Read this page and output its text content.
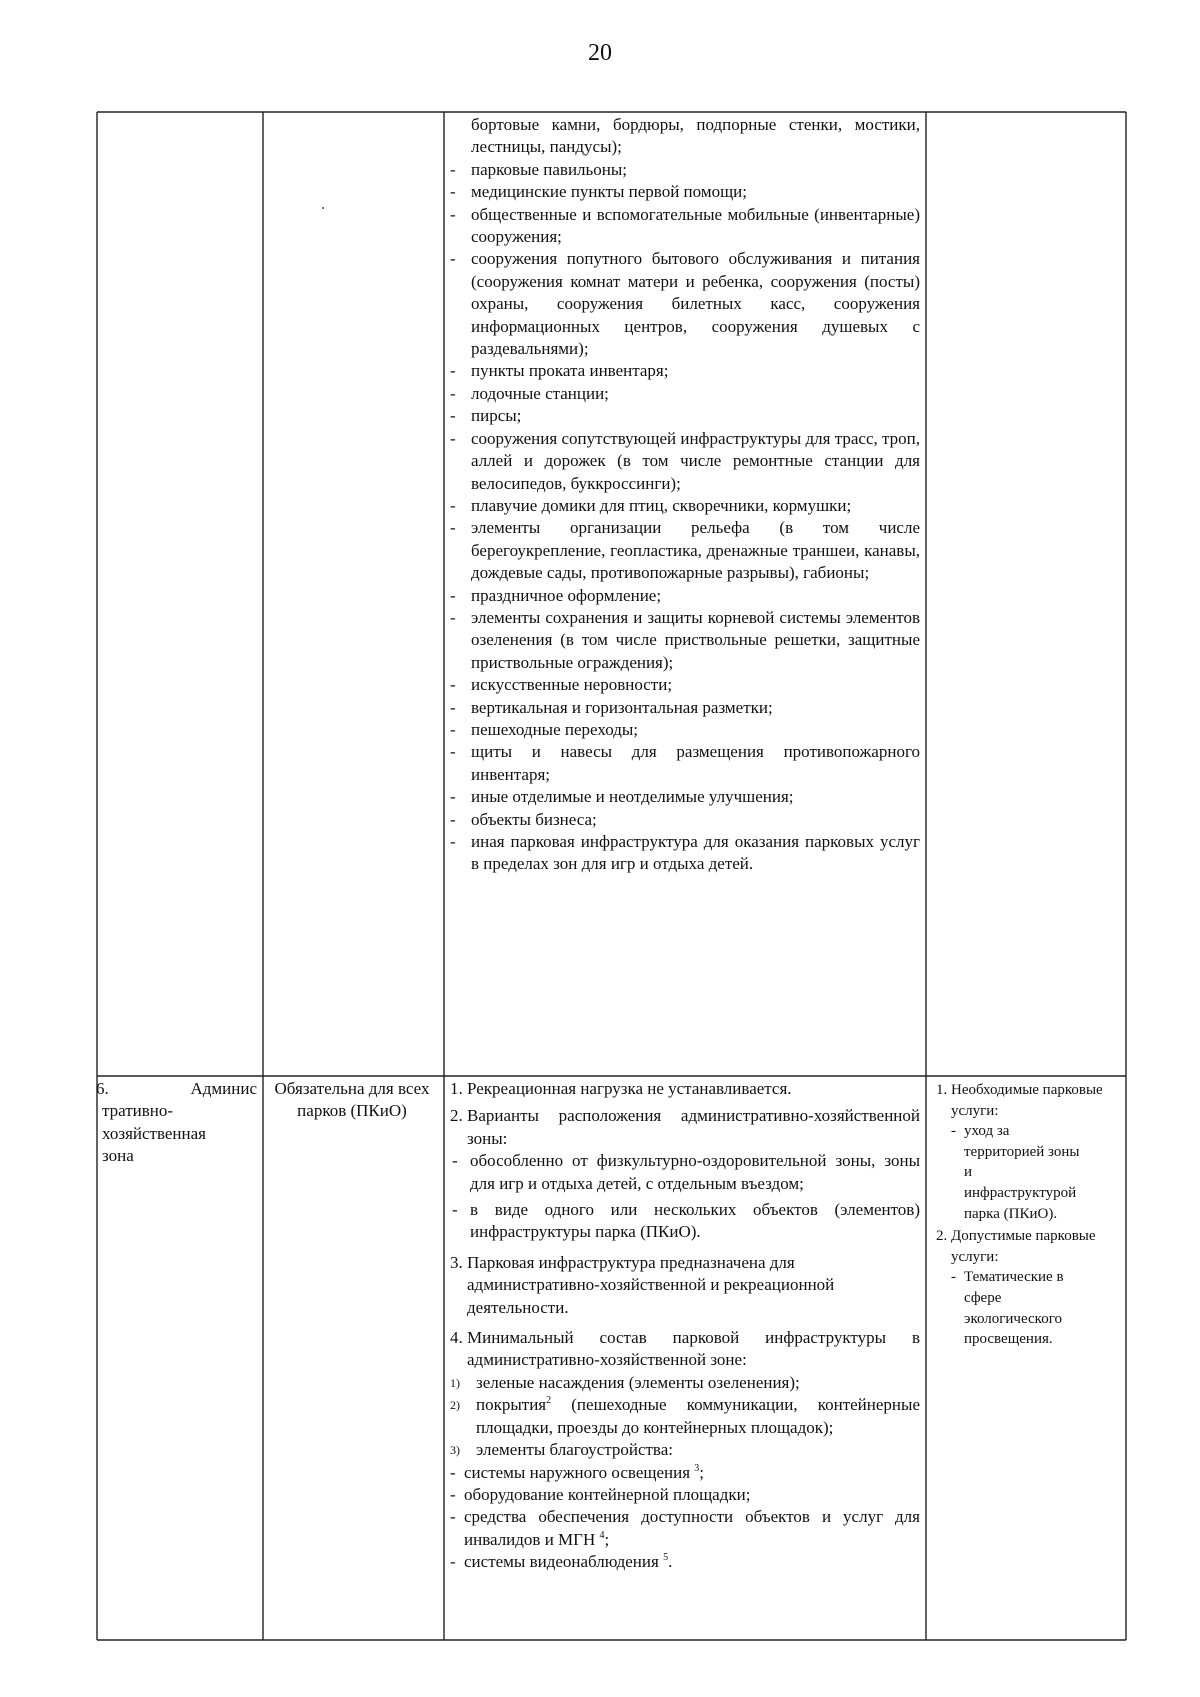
20
бортовые камни, бордюры, подпорные стенки, мостики, лестницы, пандусы);
- парковые павильоны;
- медицинские пункты первой помощи;
- общественные и вспомогательные мобильные (инвентарные) сооружения;
- сооружения попутного бытового обслуживания и питания (сооружения комнат матери и ребенка, сооружения (посты) охраны, сооружения билетных касс, сооружения информационных центров, сооружения душевых с раздевальнями);
- пункты проката инвентаря;
- лодочные станции;
- пирсы;
- сооружения сопутствующей инфраструктуры для трасс, троп, аллей и дорожек (в том числе ремонтные станции для велосипедов, буккроссинги);
- плавучие домики для птиц, скворечники, кормушки;
- элементы организации рельефа (в том числе берегоукрепление, геопластика, дренажные траншеи, канавы, дождевые сады, противопожарные разрывы), габионы;
- праздничное оформление;
- элементы сохранения и защиты корневой системы элементов озеленения (в том числе приствольные решетки, защитные приствольные ограждения);
- искусственные неровности;
- вертикальная и горизонтальная разметки;
- пешеходные переходы;
- щиты и навесы для размещения противопожарного инвентаря;
- иные отделимые и неотделимые улучшения;
- объекты бизнеса;
- иная парковая инфраструктура для оказания парковых услуг в пределах зон для игр и отдыха детей.
6.	Админис
тративно-хозяйственная зона
Обязательна для всех парков (ПКиО)
1. Рекреационная нагрузка не устанавливается.
2. Варианты расположения административно-хозяйственной зоны:
- обособленно от физкультурно-оздоровительной зоны, зоны для игр и отдыха детей, с отдельным въездом;
- в виде одного или нескольких объектов (элементов) инфраструктуры парка (ПКиО).
3. Парковая инфраструктура предназначена для административно-хозяйственной и рекреационной деятельности.
4. Минимальный состав парковой инфраструктуры в административно-хозяйственной зоне:
1) зеленые насаждения (элементы озеленения);
2) покрытия$^2$ (пешеходные коммуникации, контейнерные площадки, проезды до контейнерных площадок);
3) элементы благоустройства:
- системы наружного освещения $^3$;
- оборудование контейнерной площадки;
- средства обеспечения доступности объектов и услуг для инвалидов и МГН $^4$;
- системы видеонаблюдения $^5$.
1. Необходимые парковые услуги:
- уход за территорией зоны и инфраструктурой парка (ПКиО).
2. Допустимые парковые услуги:
- Тематические в сфере экологического просвещения.
